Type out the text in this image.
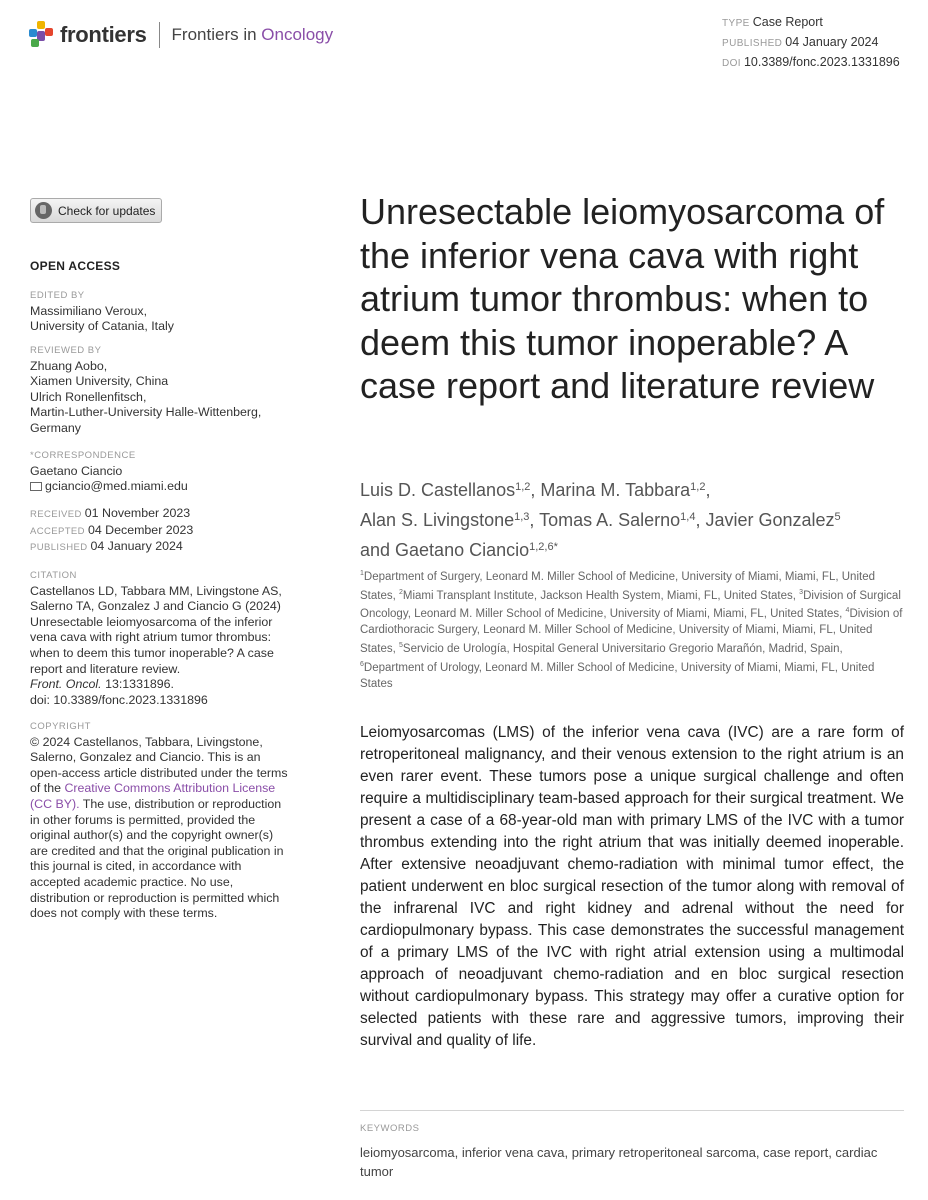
frontiers Frontiers in Oncology
TYPE Case Report
PUBLISHED 04 January 2024
DOI 10.3389/fonc.2023.1331896
Check for updates
OPEN ACCESS
EDITED BY
Massimiliano Veroux,
University of Catania, Italy
REVIEWED BY
Zhuang Aobo,
Xiamen University, China
Ulrich Ronellenfitsch,
Martin-Luther-University Halle-Wittenberg,
Germany
*CORRESPONDENCE
Gaetano Ciancio
gciancio@med.miami.edu
RECEIVED 01 November 2023
ACCEPTED 04 December 2023
PUBLISHED 04 January 2024
CITATION
Castellanos LD, Tabbara MM, Livingstone AS, Salerno TA, Gonzalez J and Ciancio G (2024) Unresectable leiomyosarcoma of the inferior vena cava with right atrium tumor thrombus: when to deem this tumor inoperable? A case report and literature review.
Front. Oncol. 13:1331896.
doi: 10.3389/fonc.2023.1331896
COPYRIGHT
© 2024 Castellanos, Tabbara, Livingstone, Salerno, Gonzalez and Ciancio. This is an open-access article distributed under the terms of the Creative Commons Attribution License (CC BY). The use, distribution or reproduction in other forums is permitted, provided the original author(s) and the copyright owner(s) are credited and that the original publication in this journal is cited, in accordance with accepted academic practice. No use, distribution or reproduction is permitted which does not comply with these terms.
Unresectable leiomyosarcoma of the inferior vena cava with right atrium tumor thrombus: when to deem this tumor inoperable? A case report and literature review
Luis D. Castellanos$^{1,2}$, Marina M. Tabbara$^{1,2}$,
Alan S. Livingstone$^{1,3}$, Tomas A. Salerno$^{1,4}$, Javier Gonzalez$^5$
and Gaetano Ciancio$^{1,2,6*}$
$^1$Department of Surgery, Leonard M. Miller School of Medicine, University of Miami, Miami, FL, United States, $^2$Miami Transplant Institute, Jackson Health System, Miami, FL, United States, $^3$Division of Surgical Oncology, Leonard M. Miller School of Medicine, University of Miami, Miami, FL, United States, $^4$Division of Cardiothoracic Surgery, Leonard M. Miller School of Medicine, University of Miami, Miami, FL, United States, $^5$Servicio de Urología, Hospital General Universitario Gregorio Marañón, Madrid, Spain, $^6$Department of Urology, Leonard M. Miller School of Medicine, University of Miami, Miami, FL, United States
Leiomyosarcomas (LMS) of the inferior vena cava (IVC) are a rare form of retroperitoneal malignancy, and their venous extension to the right atrium is an even rarer event. These tumors pose a unique surgical challenge and often require a multidisciplinary team-based approach for their surgical treatment. We present a case of a 68-year-old man with primary LMS of the IVC with a tumor thrombus extending into the right atrium that was initially deemed inoperable. After extensive neoadjuvant chemo-radiation with minimal tumor effect, the patient underwent en bloc surgical resection of the tumor along with removal of the infrarenal IVC and right kidney and adrenal without the need for cardiopulmonary bypass. This case demonstrates the successful management of a primary LMS of the IVC with right atrial extension using a multimodal approach of neoadjuvant chemo-radiation and en bloc surgical resection without cardiopulmonary bypass. This strategy may offer a curative option for selected patients with these rare and aggressive tumors, improving their survival and quality of life.
KEYWORDS
leiomyosarcoma, inferior vena cava, primary retroperitoneal sarcoma, case report, cardiac tumor
